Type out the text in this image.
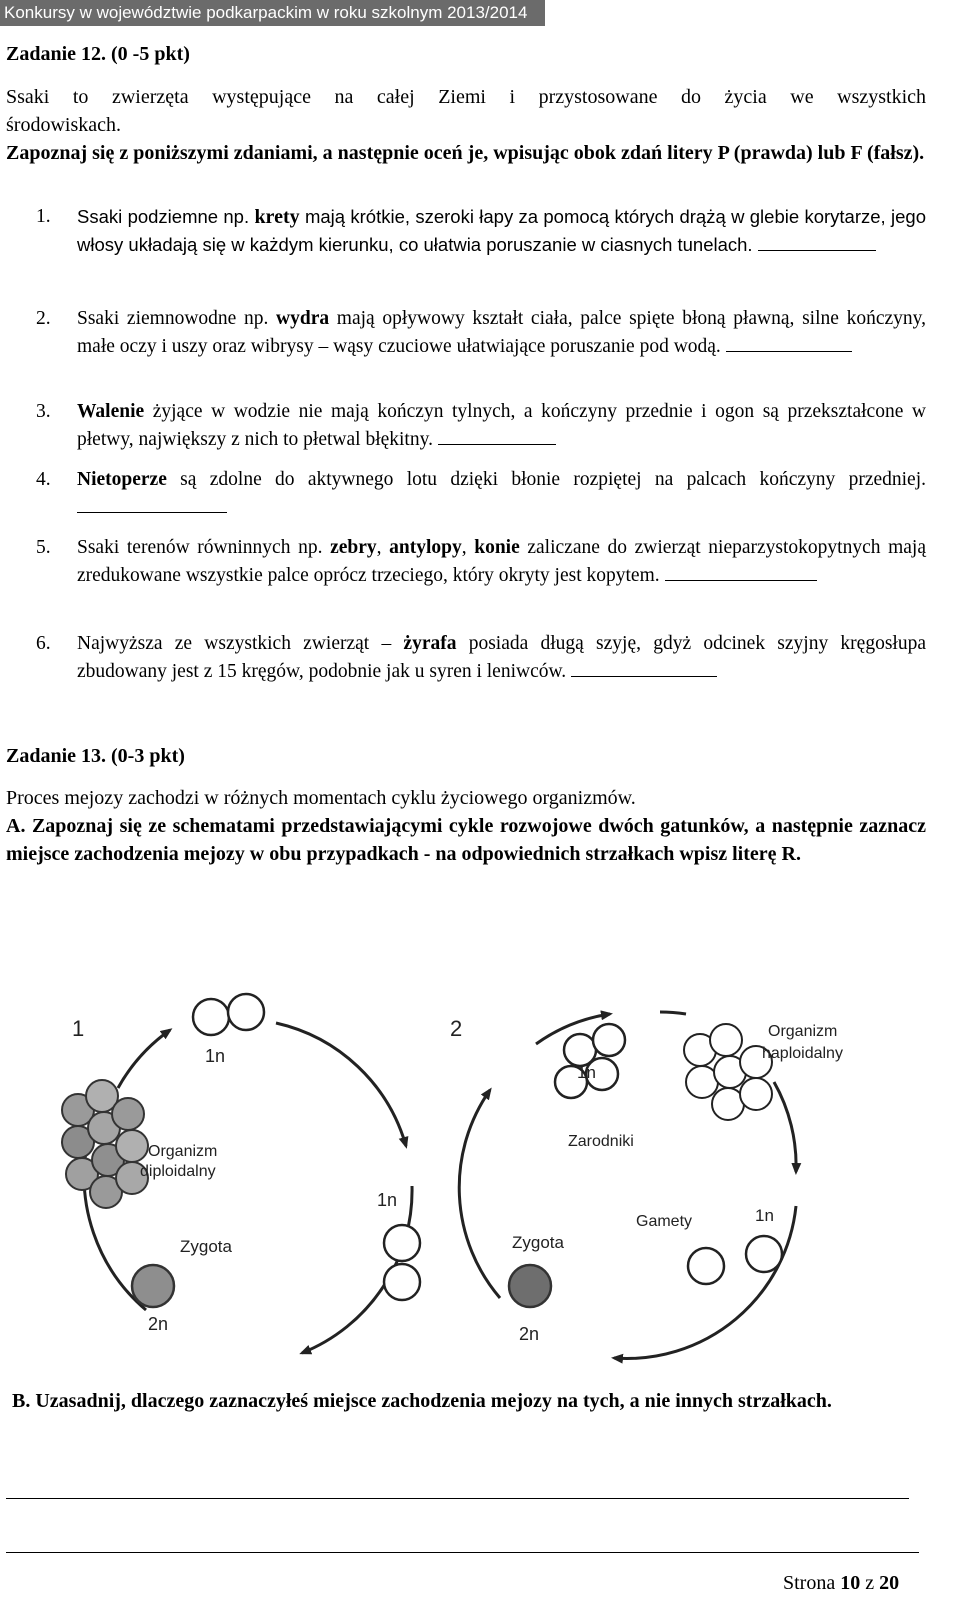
Konkursy w województwie podkarpackim w roku szkolnym 2013/2014
Zadanie 12. (0 -5 pkt)
Ssaki to zwierzęta występujące na całej Ziemi i przystosowane do życia we wszystkich
Zapoznaj się z poniższymi zdaniami, a następnie oceń je, wpisując obok zdań litery P (prawda) lub F (fałsz).
środowiskach.
1. Ssaki podziemne np. krety mają krótkie, szeroki łapy za pomocą których drążą w glebie korytarze, jego włosy układają się w każdym kierunku, co ułatwia poruszanie w ciasnych tunelach.
2. Ssaki ziemnowodne np. wydra mają opływowy kształt ciała, palce spięte błoną pławną, silne kończyny, małe oczy i uszy oraz wibrysy – wąsy czuciowe ułatwiające poruszanie pod wodą.
3. Walenie żyjące w wodzie nie mają kończyn tylnych, a kończyny przednie i ogon są przekształcone w płetwy, największy z nich to płetwal błękitny.
4. Nietoperze są zdolne do aktywnego lotu dzięki błonie rozpiętej na palcach kończyny przedniej.
5. Ssaki terenów równinnych np. zebry, antylopy, konie zaliczane do zwierząt nieparzystokopytnych mają zredukowane wszystkie palce oprócz trzeciego, który okryty jest kopytem.
6. Najwyższa ze wszystkich zwierząt – żyrafa posiada długą szyję, gdyż odcinek szyjny kręgosłupa zbudowany jest z 15 kręgów, podobnie jak u syren i leniwców.
Zadanie 13. (0-3 pkt)
Proces mejozy zachodzi w różnych momentach cyklu życiowego organizmów.
A. Zapoznaj się ze schematami przedstawiającymi cykle rozwojowe dwóch gatunków, a następnie zaznacz miejsce zachodzenia mejozy w obu przypadkach - na odpowiednich strzałkach wpisz literę R.
1
1n
Organizm
diploidalny
1n
Zygota
2n
2
1n
Zarodniki
Organizm
haploidalny
Gamety	1n
Zygota
2n
B. Uzasadnij, dlaczego zaznaczyłeś miejsce zachodzenia mejozy na tych, a nie innych strzałkach.
Strona 10 z 20
